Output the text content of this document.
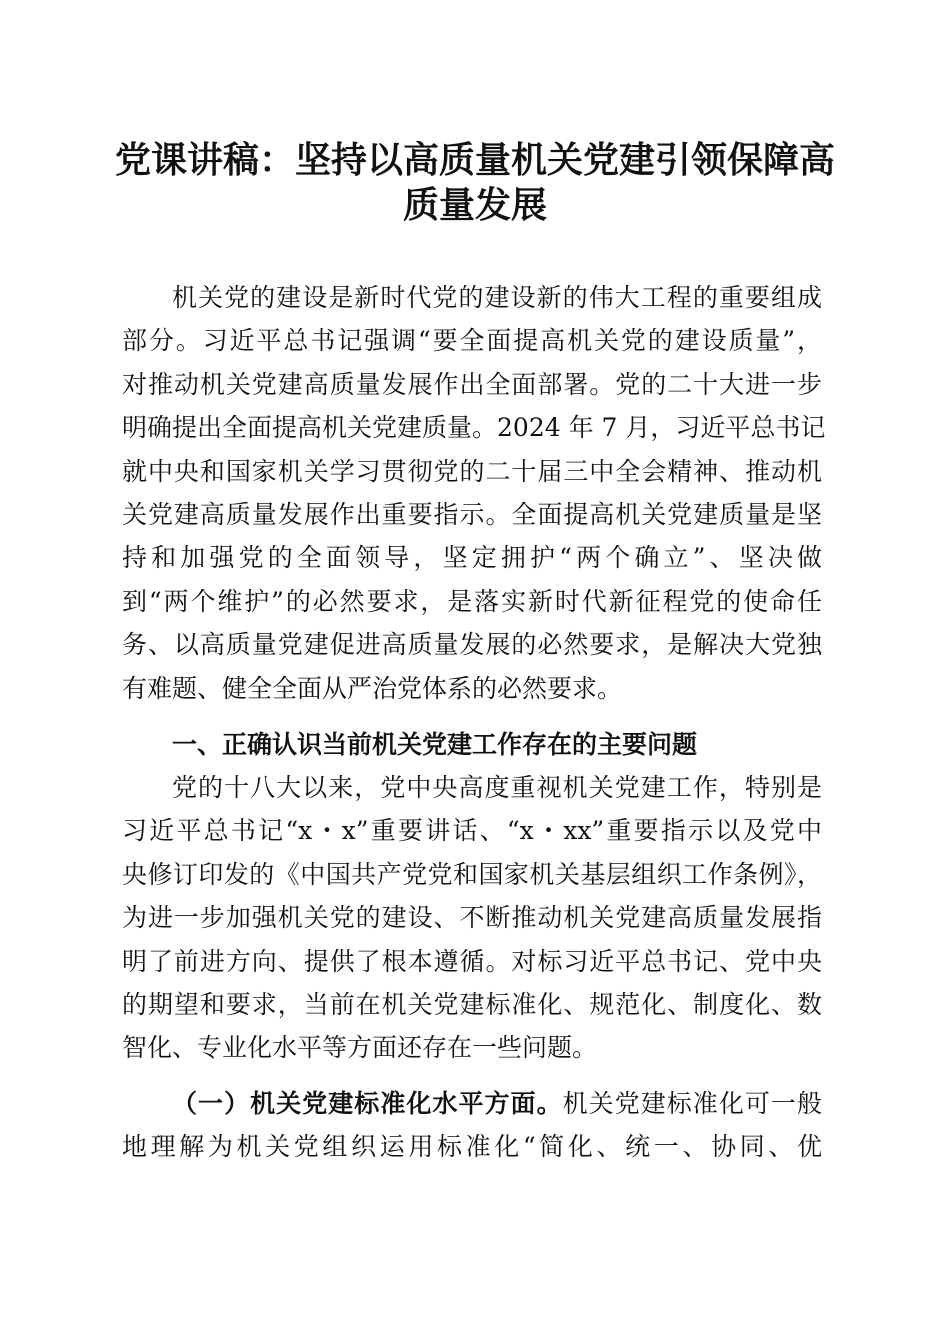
党课讲稿：坚持以高质量机关党建引领保障高
质量发展
机关党的建设是新时代党的建设新的伟大工程的重要组成
部分。习近平总书记强调“要全面提高机关党的建设质量”，
对推动机关党建高质量发展作出全面部署。党的二十大进一步
明确提出全面提高机关党建质量。2024 年 7 月，习近平总书记
就中央和国家机关学习贯彻党的二十届三中全会精神、推动机
关党建高质量发展作出重要指示。全面提高机关党建质量是坚
持和加强党的全面领导，坚定拥护“两个确立”、坚决做
到“两个维护”的必然要求，是落实新时代新征程党的使命任
务、以高质量党建促进高质量发展的必然要求，是解决大党独
有难题、健全全面从严治党体系的必然要求。
一、正确认识当前机关党建工作存在的主要问题
党的十八大以来，党中央高度重视机关党建工作，特别是
习近平总书记“x・x”重要讲话、“x・xx”重要指示以及党中
央修订印发的《中国共产党党和国家机关基层组织工作条例》，
为进一步加强机关党的建设、不断推动机关党建高质量发展指
明了前进方向、提供了根本遵循。对标习近平总书记、党中央
的期望和要求，当前在机关党建标准化、规范化、制度化、数
智化、专业化水平等方面还存在一些问题。
（一）机关党建标准化水平方面。机关党建标准化可一般
地理解为机关党组织运用标准化“简化、统一、协同、优
